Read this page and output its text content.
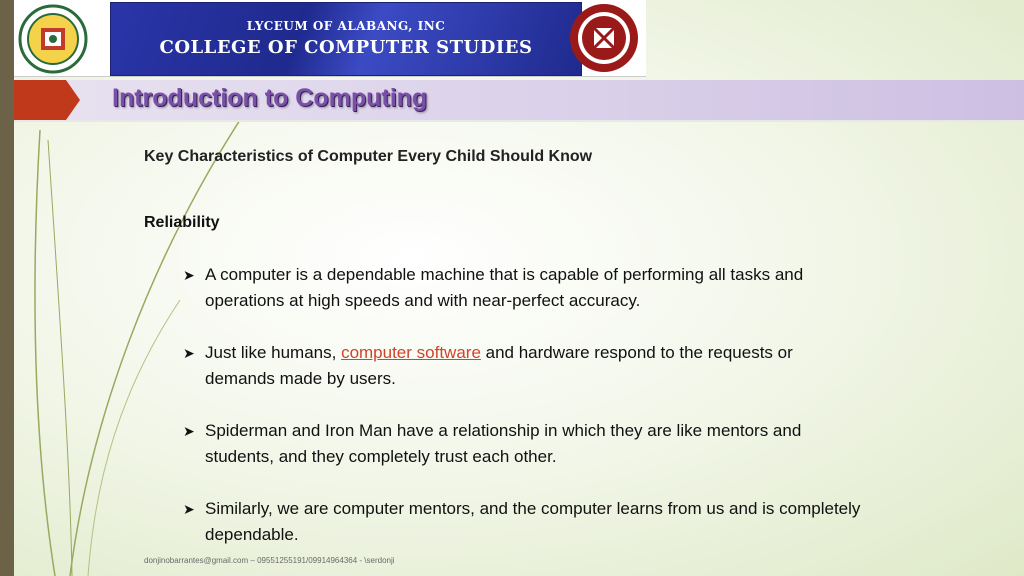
LYCEUM OF ALABANG, INC
COLLEGE OF COMPUTER STUDIES
Introduction to Computing
Key Characteristics of Computer Every Child Should Know
Reliability
➤ A computer is a dependable machine that is capable of performing all tasks and operations at high speeds and with near-perfect accuracy.
➤ Just like humans, computer software and hardware respond to the requests or demands made by users.
➤ Spiderman and Iron Man have a relationship in which they are like mentors and students, and they completely trust each other.
➤ Similarly, we are computer mentors, and the computer learns from us and is completely dependable.
donjinobarrantes@gmail.com – 09551255191/09914964364 - \serdonji
